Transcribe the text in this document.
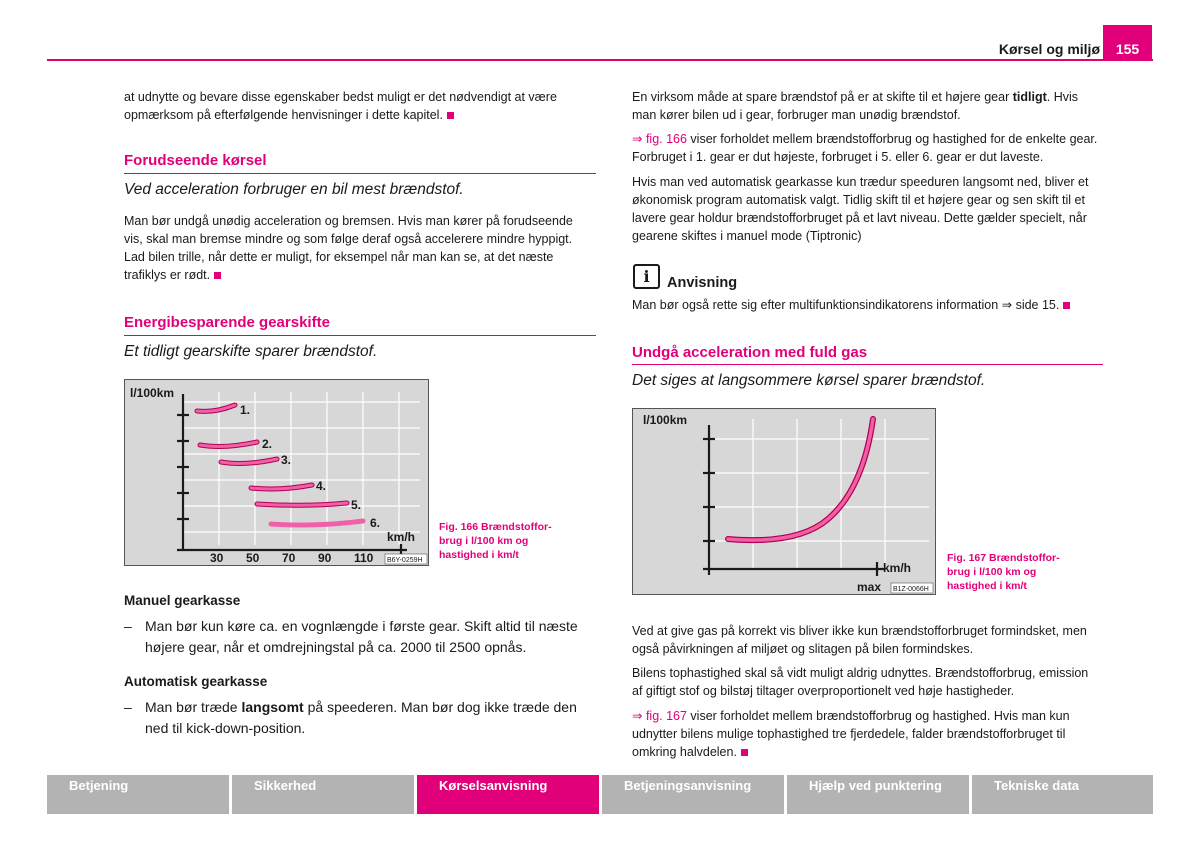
Kørsel og miljø	155
at udnytte og bevare disse egenskaber bedst muligt er det nødvendigt at være opmærksom på efterfølgende henvisninger i dette kapitel.
Forudseende kørsel
Ved acceleration forbruger en bil mest brændstof.
Man bør undgå unødig acceleration og bremsen. Hvis man kører på forudseende vis, skal man bremse mindre og som følge deraf også accelerere mindre hyppigt. Lad bilen trille, når dette er muligt, for eksempel når man kan se, at det næste trafiklys er rødt.
Energibesparende gearskifte
Et tidligt gearskifte sparer brændstof.
l/100km
km/h
30 50 70 90 110
1.
2.
3.
4.
5.
6.
B6Y-0259H
Fig. 166 Brændstoffor-
brug i l/100 km og
hastighed i km/t
Manuel gearkasse
– Man bør kun køre ca. en vognlængde i første gear. Skift altid til næste højere gear, når et omdrejningstal på ca. 2000 til 2500 opnås.
Automatisk gearkasse
– Man bør træde langsomt på speederen. Man bør dog ikke træde den ned til kick-down-position.
En virksom måde at spare brændstof på er at skifte til et højere gear tidligt. Hvis man kører bilen ud i gear, forbruger man unødig brændstof.
⇒ fig. 166 viser forholdet mellem brændstofforbrug og hastighed for de enkelte gear. Forbruget i 1. gear er dut højeste, forbruget i 5. eller 6. gear er dut laveste.
Hvis man ved automatisk gearkasse kun trædur speeduren langsomt ned, bliver et økonomisk program automatisk valgt. Tidlig skift til et højere gear og sen skift til et lavere gear holdur brændstofforbruget på et lavt niveau. Dette gælder specielt, når gearene skiftes i manuel mode (Tiptronic)
i	Anvisning
Man bør også rette sig efter multifunktionsindikatorens information ⇒ side 15.
Undgå acceleration med fuld gas
Det siges at langsommere kørsel sparer brændstof.
l/100km
km/h
max B1Z-0066H
Fig. 167 Brændstoffor-
brug i l/100 km og
hastighed i km/t
Ved at give gas på korrekt vis bliver ikke kun brændstofforbruget formindsket, men også påvirkningen af miljøet og slitagen på bilen formindskes.
Bilens tophastighed skal så vidt muligt aldrig udnyttes. Brændstofforbrug, emission af giftigt stof og bilstøj tiltager overproportionelt ved høje hastigheder.
⇒ fig. 167 viser forholdet mellem brændstofforbrug og hastighed. Hvis man kun udnytter bilens mulige tophastighed tre fjerdedele, falder brændstofforbruget til omkring halvdelen.
Betjening	Sikkerhed	Kørselsanvisning	Betjeningsanvisning	Hjælp ved punktering	Tekniske data
